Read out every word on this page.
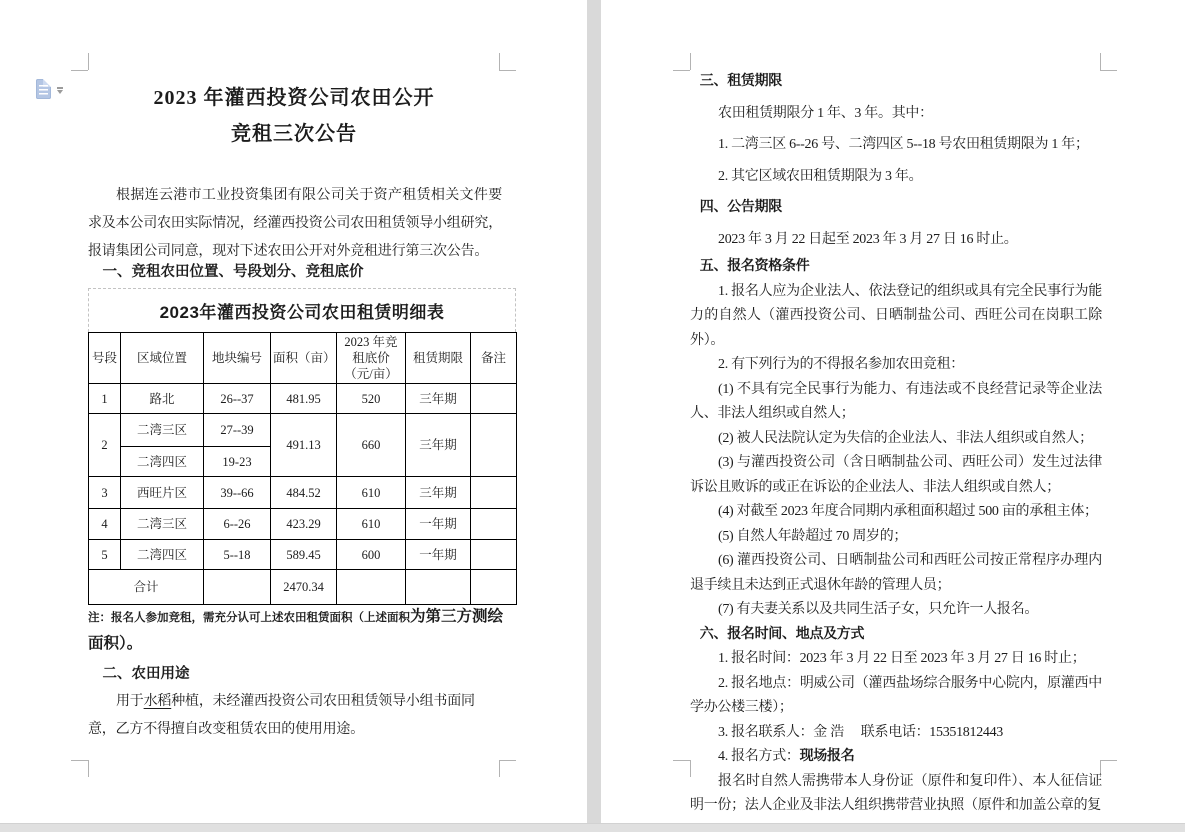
2023 年灌西投资公司农田公开
竞租三次公告
根据连云港市工业投资集团有限公司关于资产租赁相关文件要求及本公司农田实际情况，经灌西投资公司农田租赁领导小组研究，报请集团公司同意，现对下述农田公开对外竞租进行第三次公告。
一、竞租农田位置、号段划分、竞租底价
2023年灌西投资公司农田租赁明细表
号段	区域位置	地块编号	面积（亩）	2023 年竞租底价（元/亩）	租赁期限	备注
1	路北	26--37	481.95	520	三年期	
2	二湾三区	27--39	491.13	660	三年期	
	二湾四区	19-23				
3	西旺片区	39--66	484.52	610	三年期	
4	二湾三区	6--26	423.29	610	一年期	
5	二湾四区	5--18	589.45	600	一年期	
合计			2470.34			
注：报名人参加竞租，需充分认可上述农田租赁面积（上述面积为第三方测绘面积）。
二、农田用途
用于水稻种植，未经灌西投资公司农田租赁领导小组书面同意，乙方不得擅自改变租赁农田的使用用途。
三、租赁期限
农田租赁期限分 1 年、3 年。其中：
1. 二湾三区 6--26 号、二湾四区 5--18 号农田租赁期限为 1 年；
2. 其它区域农田租赁期限为 3 年。
四、公告期限
2023 年 3 月 22 日起至 2023 年 3 月 27 日 16 时止。
五、报名资格条件
1. 报名人应为企业法人、依法登记的组织或具有完全民事行为能力的自然人（灌西投资公司、日晒制盐公司、西旺公司在岗职工除外）。
2. 有下列行为的不得报名参加农田竞租：
(1) 不具有完全民事行为能力、有违法或不良经营记录等企业法人、非法人组织或自然人；
(2) 被人民法院认定为失信的企业法人、非法人组织或自然人；
(3) 与灌西投资公司（含日晒制盐公司、西旺公司）发生过法律诉讼且败诉的或正在诉讼的企业法人、非法人组织或自然人；
(4) 对截至 2023 年度合同期内承租面积超过 500 亩的承租主体；
(5) 自然人年龄超过 70 周岁的；
(6) 灌西投资公司、日晒制盐公司和西旺公司按正常程序办理内退手续且未达到正式退休年龄的管理人员；
(7) 有夫妻关系以及共同生活子女，只允许一人报名。
六、报名时间、地点及方式
1. 报名时间：2023 年 3 月 22 日至 2023 年 3 月 27 日 16 时止；
2. 报名地点：明威公司（灌西盐场综合服务中心院内，原灌西中学办公楼三楼）；
3. 报名联系人：金 浩 　联系电话：15351812443
4. 报名方式：现场报名
报名时自然人需携带本人身份证（原件和复印件）、本人征信证明一份；法人企业及非法人组织携带营业执照（原件和加盖公章的复
